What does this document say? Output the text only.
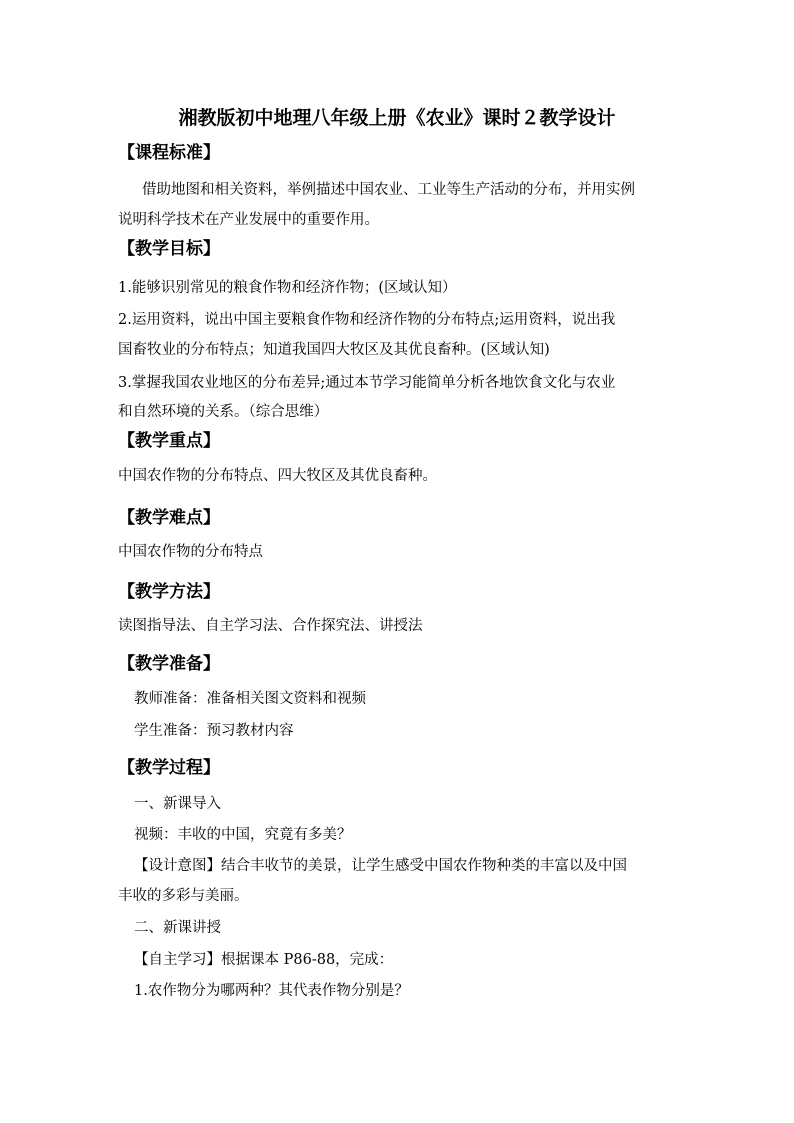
湘教版初中地理八年级上册《农业》课时２教学设计
【课程标准】
借助地图和相关资料，举例描述中国农业、工业等生产活动的分布，并用实例
说明科学技术在产业发展中的重要作用。
【教学目标】
1.能够识别常见的粮食作物和经济作物；(区域认知）
2.运用资料，说出中国主要粮食作物和经济作物的分布特点;运用资料，说出我
国畜牧业的分布特点；知道我国四大牧区及其优良畜种。(区域认知)
3.掌握我国农业地区的分布差异;通过本节学习能简单分析各地饮食文化与农业
和自然环境的关系。（综合思维）
【教学重点】
中国农作物的分布特点、四大牧区及其优良畜种。
【教学难点】
中国农作物的分布特点
【教学方法】
读图指导法、自主学习法、合作探究法、讲授法
【教学准备】
教师准备：准备相关图文资料和视频
学生准备：预习教材内容
【教学过程】
一、新课导入
视频：丰收的中国，究竟有多美？
【设计意图】结合丰收节的美景，让学生感受中国农作物种类的丰富以及中国
丰收的多彩与美丽。
二、新课讲授
【自主学习】根据课本 P86-88，完成：
1.农作物分为哪两种？其代表作物分别是？
